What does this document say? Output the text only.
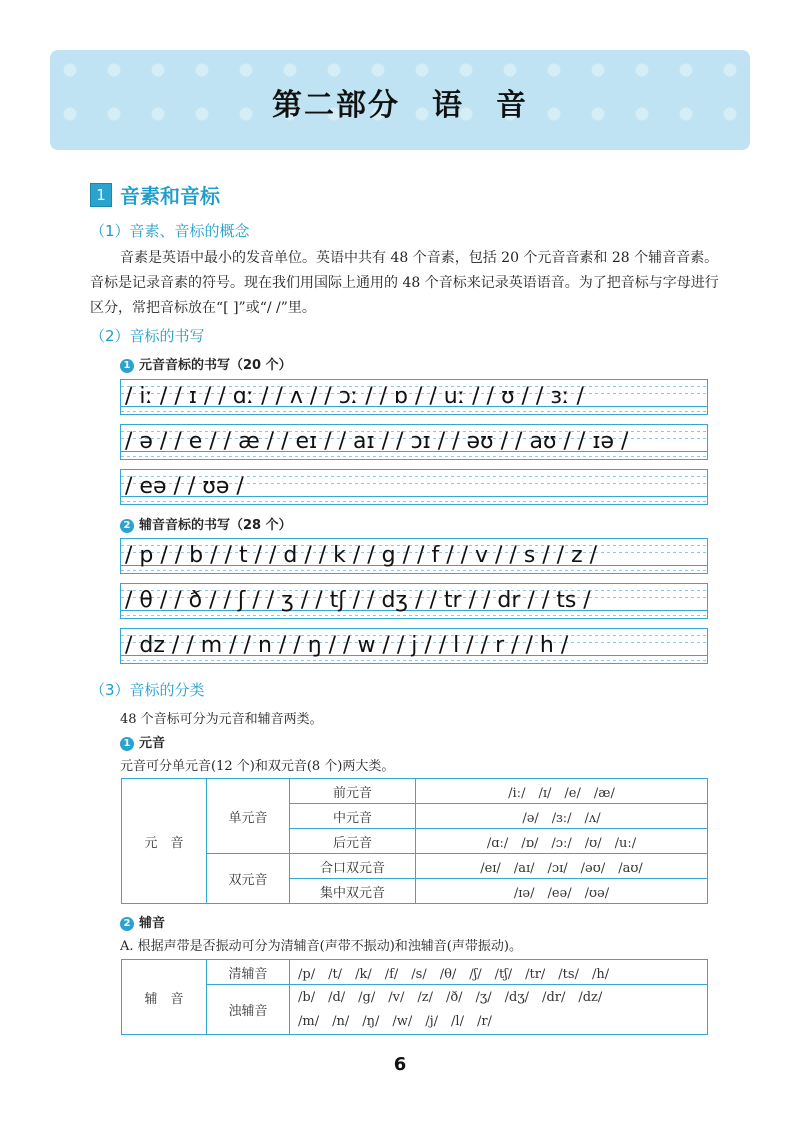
第二部分　语　音
1 音素和音标
（1）音素、音标的概念
音素是英语中最小的发音单位。英语中共有 48 个音素，包括 20 个元音音素和 28 个辅音音素。音标是记录音素的符号。现在我们用国际上通用的 48 个音标来记录英语语音。为了把音标与字母进行区分，常把音标放在“[ ]”或“/ /”里。
（2）音标的书写
1 元音音标的书写（20 个）
/ iː / / ɪ / / ɑː / / ʌ / / ɔː / / ɒ / / uː / / ʊ / / ɜː /
/ ə / / e / / æ / / eɪ / / aɪ / / ɔɪ / / əʊ / / aʊ / / ɪə /
/ eə / / ʊə /
2 辅音音标的书写（28 个）
/ p / / b / / t / / d / / k / / g / / f / / v / / s / / z /
/ θ / / ð / / ʃ / / ʒ / / tʃ / / dʒ / / tr / / dr / / ts /
/ dz / / m / / n / / ŋ / / w / / j / / l / / r / / h /
（3）音标的分类
48 个音标可分为元音和辅音两类。
1 元音
元音可分单元音(12 个)和双元音(8 个)两大类。
元　音	单元音	前元音	/iː/　/ɪ/　/e/　/æ/
		中元音	/ə/　/ɜː/　/ʌ/
		后元音	/ɑː/　/ɒ/　/ɔː/　/ʊ/　/uː/
	双元音	合口双元音	/eɪ/　/aɪ/　/ɔɪ/　/əʊ/　/aʊ/
		集中双元音	/ɪə/　/eə/　/ʊə/
2 辅音
A. 根据声带是否振动可分为清辅音(声带不振动)和浊辅音(声带振动)。
辅　音	清辅音	/p/　/t/　/k/　/f/　/s/　/θ/　/ʃ/　/tʃ/　/tr/　/ts/　/h/
	浊辅音	/b/　/d/　/g/　/v/　/z/　/ð/　/ʒ/　/dʒ/　/dr/　/dz/
/m/　/n/　/ŋ/　/w/　/j/　/l/　/r/
6
